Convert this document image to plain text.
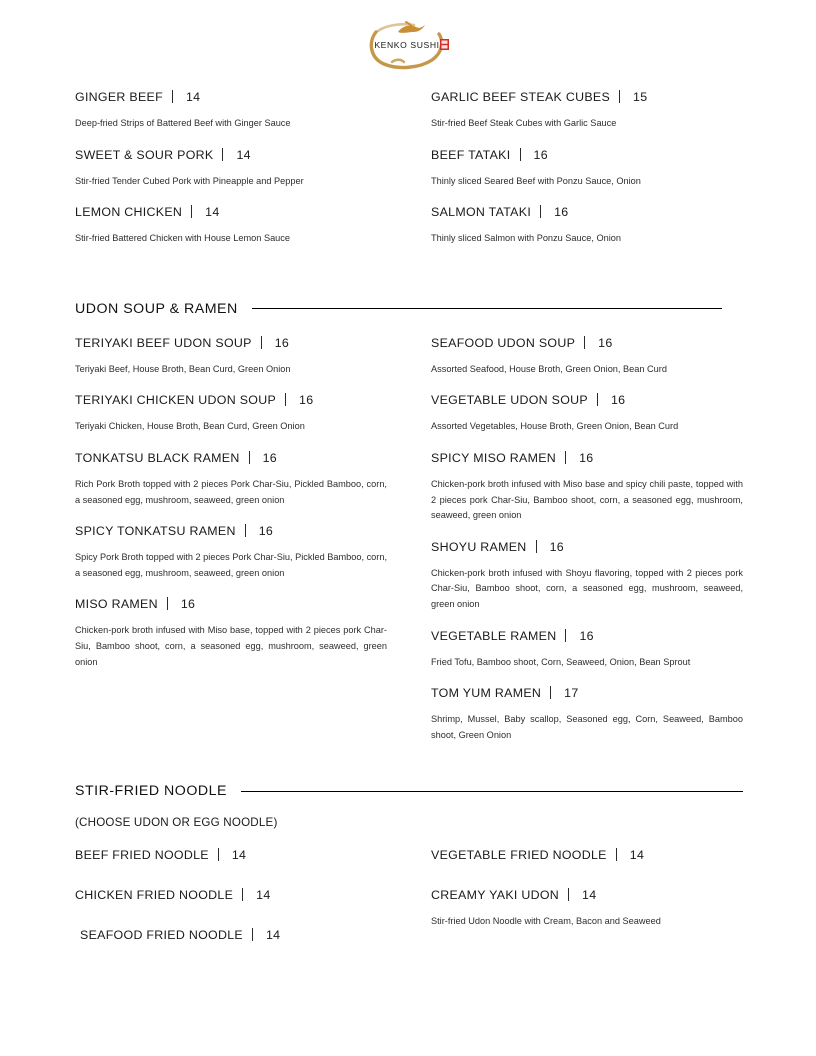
KENKO SUSHI
GINGER BEEF	14

Deep-fried Strips of Battered Beef with Ginger Sauce

SWEET & SOUR PORK	14

Stir-fried Tender Cubed Pork with Pineapple and Pepper

LEMON CHICKEN	14

Stir-fried Battered Chicken with House Lemon Sauce

GARLIC BEEF STEAK CUBES	15

Stir-fried Beef Steak Cubes with Garlic Sauce

BEEF TATAKI	16

Thinly sliced Seared Beef with Ponzu Sauce, Onion

SALMON TATAKI	16

Thinly sliced Salmon with Ponzu Sauce, Onion

UDON SOUP & RAMEN
TERIYAKI BEEF UDON SOUP	16

Teriyaki Beef, House Broth, Bean Curd, Green Onion

TERIYAKI CHICKEN UDON SOUP	16

Teriyaki Chicken, House Broth, Bean Curd, Green Onion

TONKATSU BLACK RAMEN	16

Rich Pork Broth topped with 2 pieces Pork Char-Siu, Pickled Bamboo, corn, a seasoned egg, mushroom, seaweed, green onion

SPICY TONKATSU RAMEN	16

Spicy Pork Broth topped with 2 pieces Pork Char-Siu, Pickled Bamboo, corn, a seasoned egg, mushroom, seaweed, green onion

MISO RAMEN	16

Chicken-pork broth infused with Miso base, topped with 2 pieces pork Char-Siu, Bamboo shoot, corn, a seasoned egg, mushroom, seaweed, green onion

SEAFOOD UDON SOUP	16

Assorted Seafood, House Broth, Green Onion, Bean Curd

VEGETABLE UDON SOUP	16

Assorted Vegetables, House Broth, Green Onion, Bean Curd

SPICY MISO RAMEN	16

Chicken-pork broth infused with Miso base and spicy chili paste, topped with 2 pieces pork Char-Siu, Bamboo shoot, corn, a seasoned egg, mushroom, seaweed, green onion

SHOYU RAMEN	16

Chicken-pork broth infused with Shoyu flavoring, topped with 2 pieces pork Char-Siu, Bamboo shoot, corn, a seasoned egg, mushroom, seaweed, green onion

VEGETABLE RAMEN	16

Fried Tofu, Bamboo shoot, Corn, Seaweed, Onion, Bean Sprout

TOM YUM RAMEN	17

Shrimp, Mussel, Baby scallop, Seasoned egg, Corn, Seaweed, Bamboo shoot, Green Onion

STIR-FRIED NOODLE

(CHOOSE UDON OR EGG NOODLE)

BEEF FRIED NOODLE	14
CHICKEN FRIED NOODLE	14
SEAFOOD FRIED NOODLE	14
VEGETABLE FRIED NOODLE	14
CREAMY YAKI UDON	14

Stir-fried Udon Noodle with Cream, Bacon and Seaweed
